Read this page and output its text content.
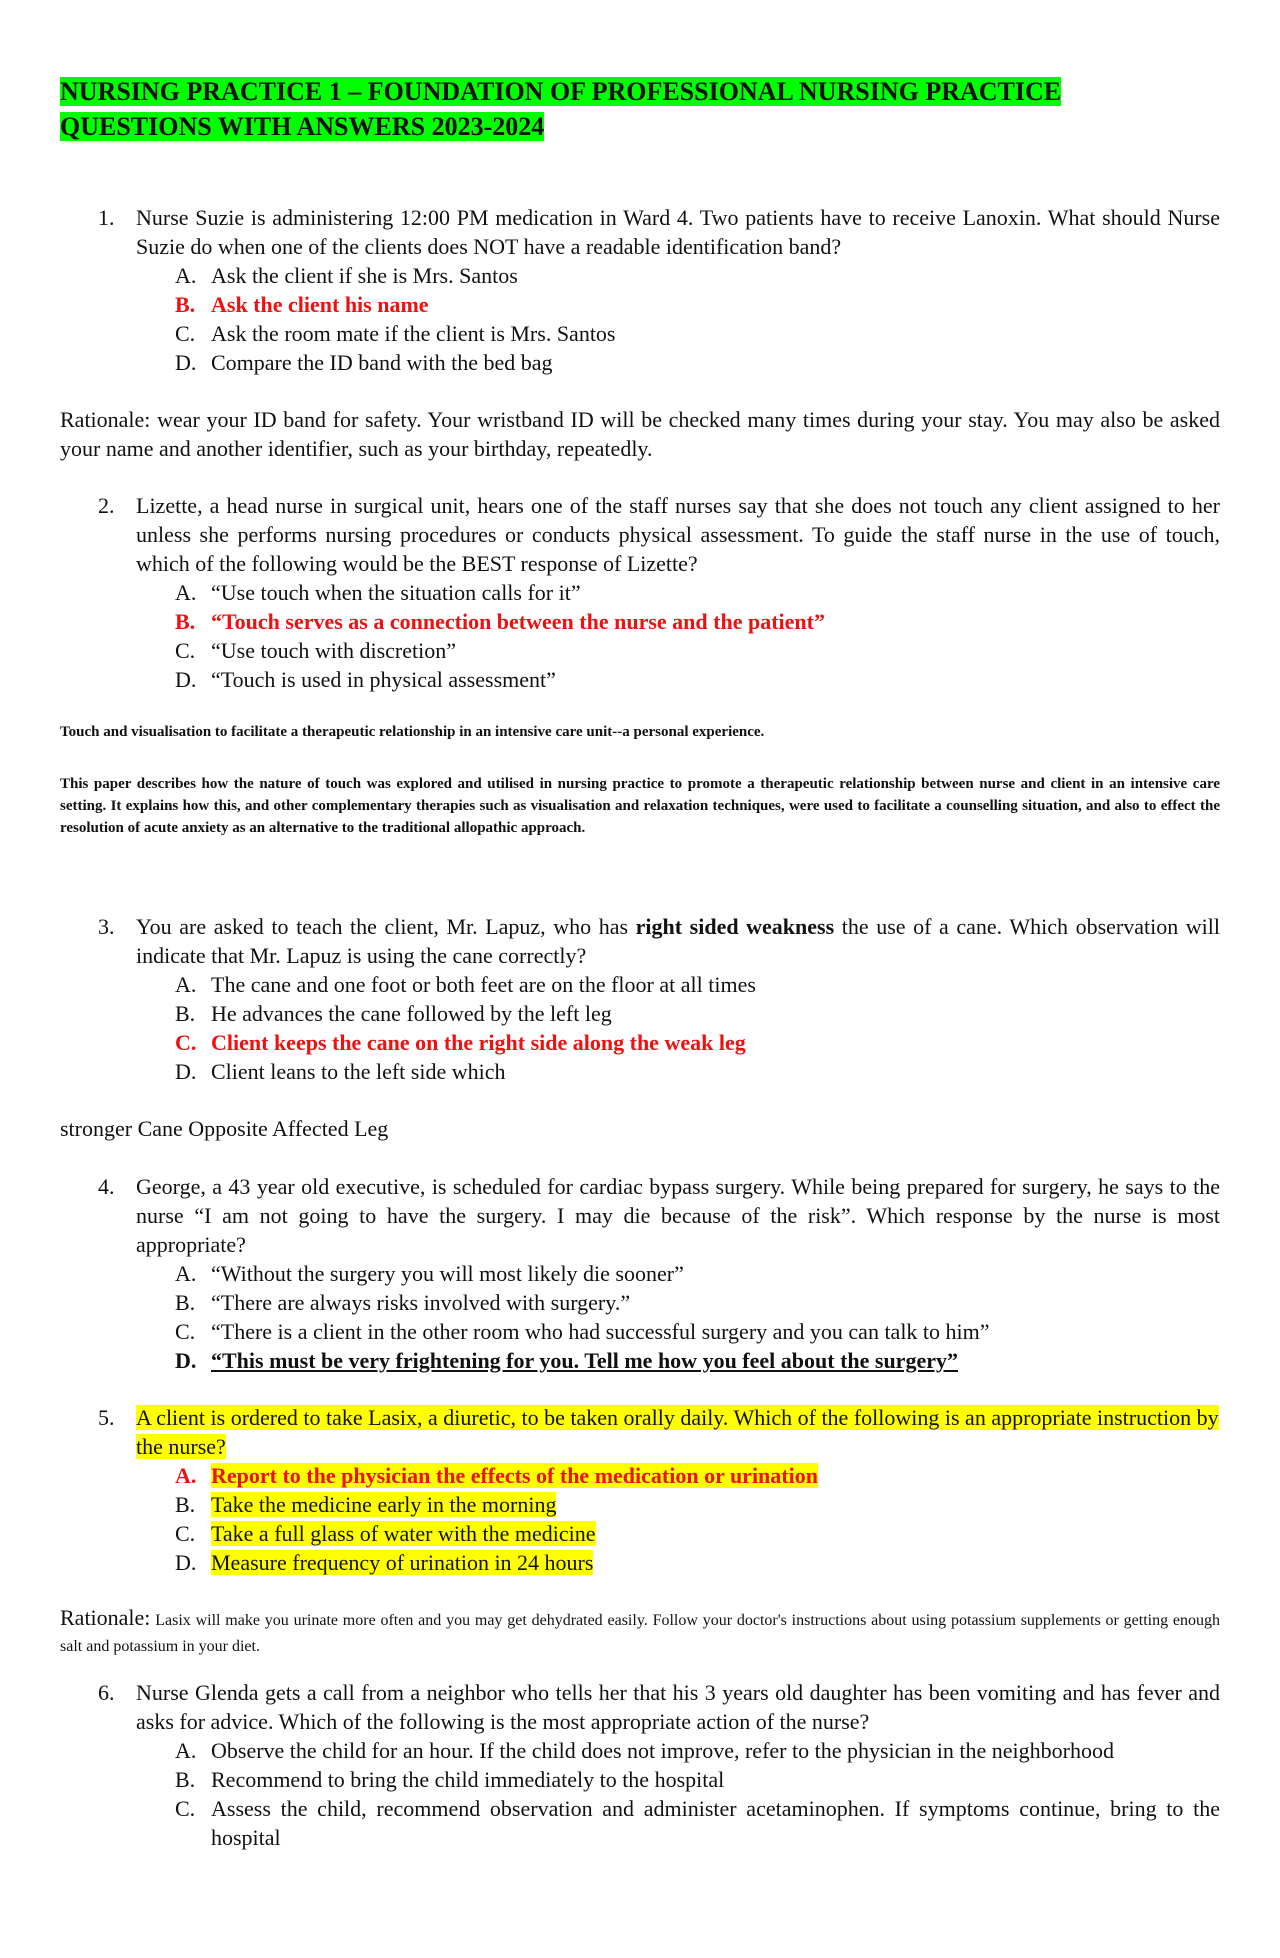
NURSING PRACTICE 1 – FOUNDATION OF PROFESSIONAL NURSING PRACTICE
QUESTIONS WITH ANSWERS 2023-2024
1. Nurse Suzie is administering 12:00 PM medication in Ward 4. Two patients have to receive Lanoxin. What should Nurse Suzie do when one of the clients does NOT have a readable identification band?
A. Ask the client if she is Mrs. Santos
B. Ask the client his name
C. Ask the room mate if the client is Mrs. Santos
D. Compare the ID band with the bed bag
Rationale: wear your ID band for safety. Your wristband ID will be checked many times during your stay. You may also be asked your name and another identifier, such as your birthday, repeatedly.
2. Lizette, a head nurse in surgical unit, hears one of the staff nurses say that she does not touch any client assigned to her unless she performs nursing procedures or conducts physical assessment. To guide the staff nurse in the use of touch, which of the following would be the BEST response of Lizette?
A. “Use touch when the situation calls for it”
B. “Touch serves as a connection between the nurse and the patient”
C. “Use touch with discretion”
D. “Touch is used in physical assessment”
Touch and visualisation to facilitate a therapeutic relationship in an intensive care unit--a personal experience.
This paper describes how the nature of touch was explored and utilised in nursing practice to promote a therapeutic relationship between nurse and client in an intensive care setting. It explains how this, and other complementary therapies such as visualisation and relaxation techniques, were used to facilitate a counselling situation, and also to effect the resolution of acute anxiety as an alternative to the traditional allopathic approach.
3. You are asked to teach the client, Mr. Lapuz, who has right sided weakness the use of a cane. Which observation will indicate that Mr. Lapuz is using the cane correctly?
A. The cane and one foot or both feet are on the floor at all times
B. He advances the cane followed by the left leg
C. Client keeps the cane on the right side along the weak leg
D. Client leans to the left side which
stronger Cane Opposite Affected Leg
4. George, a 43 year old executive, is scheduled for cardiac bypass surgery. While being prepared for surgery, he says to the nurse “I am not going to have the surgery. I may die because of the risk”. Which response by the nurse is most appropriate?
A. “Without the surgery you will most likely die sooner”
B. “There are always risks involved with surgery.”
C. “There is a client in the other room who had successful surgery and you can talk to him”
D. “This must be very frightening for you. Tell me how you feel about the surgery”
5. A client is ordered to take Lasix, a diuretic, to be taken orally daily. Which of the following is an appropriate instruction by the nurse?
A. Report to the physician the effects of the medication or urination
B. Take the medicine early in the morning
C. Take a full glass of water with the medicine
D. Measure frequency of urination in 24 hours
Rationale: Lasix will make you urinate more often and you may get dehydrated easily. Follow your doctor's instructions about using potassium supplements or getting enough salt and potassium in your diet.
6. Nurse Glenda gets a call from a neighbor who tells her that his 3 years old daughter has been vomiting and has fever and asks for advice. Which of the following is the most appropriate action of the nurse?
A. Observe the child for an hour. If the child does not improve, refer to the physician in the neighborhood
B. Recommend to bring the child immediately to the hospital
C. Assess the child, recommend observation and administer acetaminophen. If symptoms continue, bring to the hospital
